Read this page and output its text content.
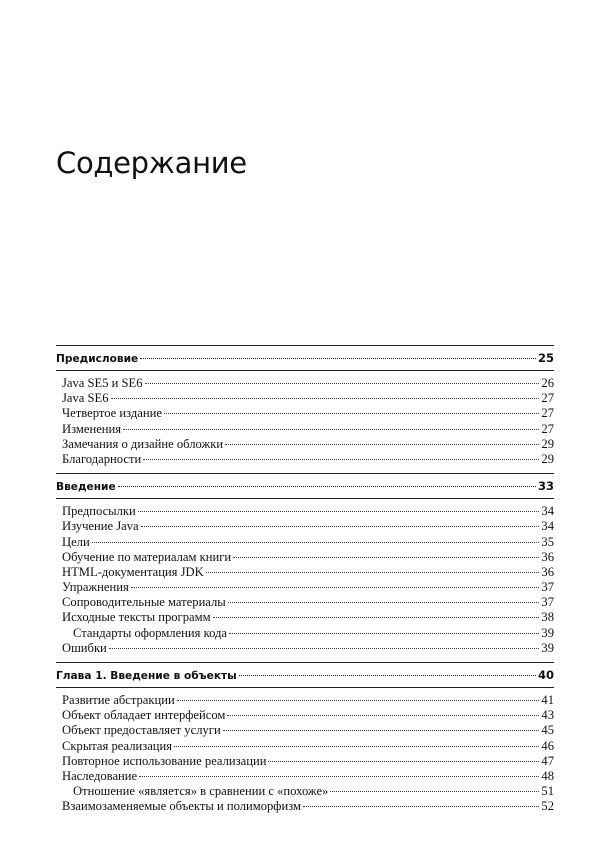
Содержание
Предисловие	25
Java SE5 и SE6	26
Java SE6	27
Четвертое издание	27
Изменения	27
Замечания о дизайне обложки	29
Благодарности	29
Введение	33
Предпосылки	34
Изучение Java	34
Цели	35
Обучение по материалам книги	36
HTML-документация JDK	36
Упражнения	37
Сопроводительные материалы	37
Исходные тексты программ	38
Стандарты оформления кода	39
Ошибки	39
Глава 1. Введение в объекты	40
Развитие абстракции	41
Объект обладает интерфейсом	43
Объект предоставляет услуги	45
Скрытая реализация	46
Повторное использование реализации	47
Наследование	48
Отношение «является» в сравнении с «похоже»	51
Взаимозаменяемые объекты и полиморфизм	52
